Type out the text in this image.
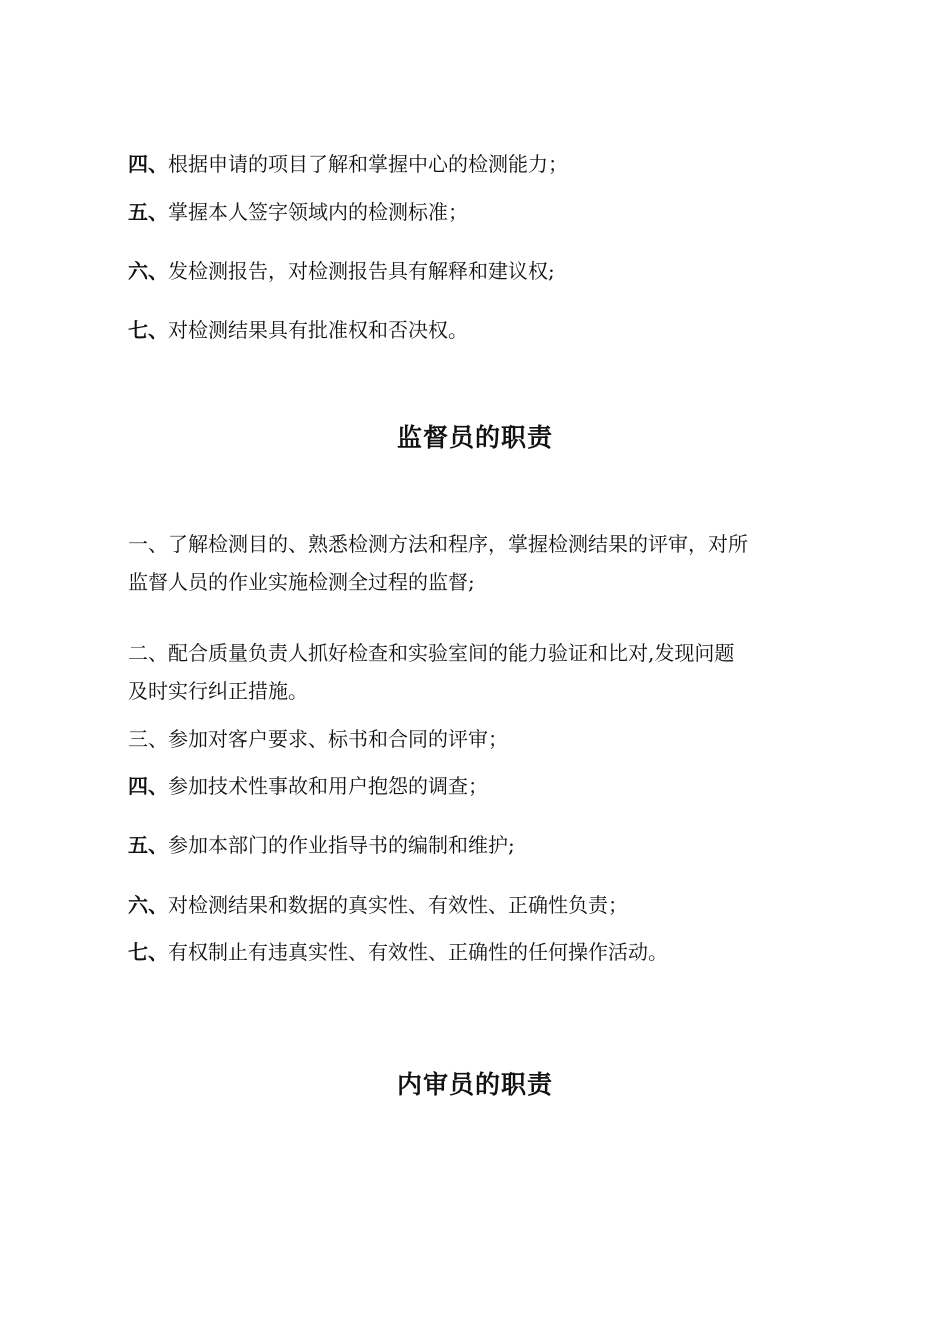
四、根据申请的项目了解和掌握中心的检测能力；
五、掌握本人签字领域内的检测标准；
六、发检测报告，对检测报告具有解释和建议权;
七、对检测结果具有批准权和否决权。
监督员的职责
一、了解检测目的、熟悉检测方法和程序，掌握检测结果的评审，对所
监督人员的作业实施检测全过程的监督;
二、配合质量负责人抓好检查和实验室间的能力验证和比对,发现问题
及时实行纠正措施。
三、参加对客户要求、标书和合同的评审；
四、参加技术性事故和用户抱怨的调查；
五、参加本部门的作业指导书的编制和维护;
六、对检测结果和数据的真实性、有效性、正确性负责；
七、有权制止有违真实性、有效性、正确性的任何操作活动。
内审员的职责
